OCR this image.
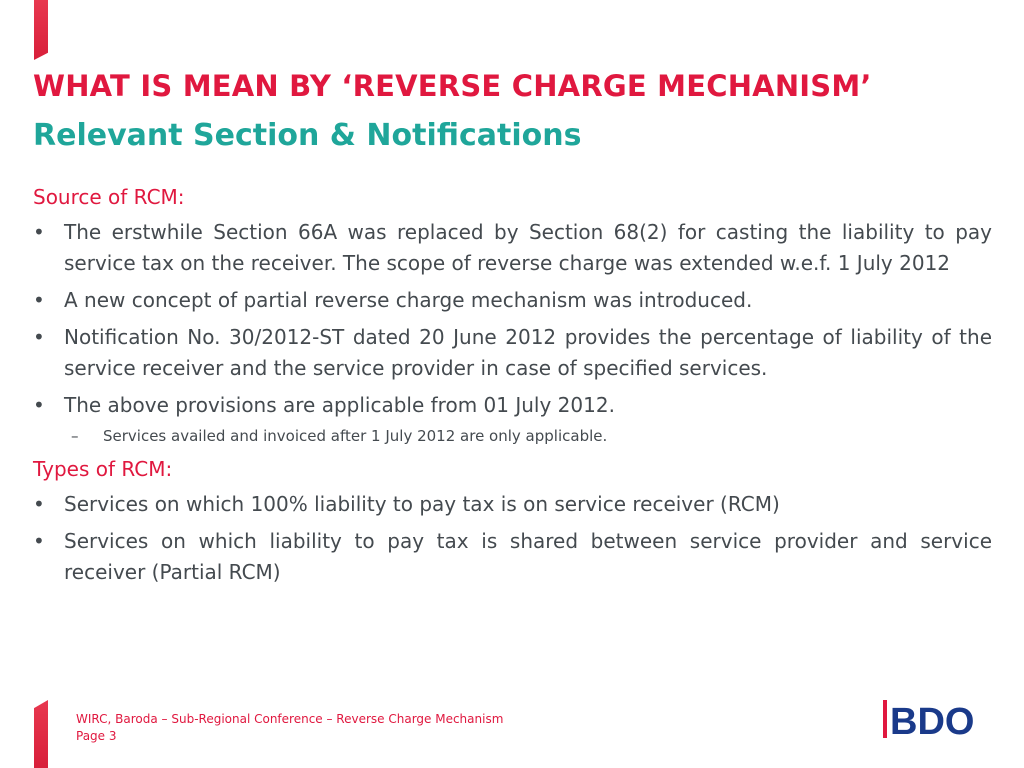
WHAT IS MEAN BY ‘REVERSE CHARGE MECHANISM’
Relevant Section & Notifications
Source of RCM:
• The erstwhile Section 66A was replaced by Section 68(2) for casting the liability to pay service tax on the receiver. The scope of reverse charge was extended w.e.f. 1 July 2012
• A new concept of partial reverse charge mechanism was introduced.
• Notification No. 30/2012-ST dated 20 June 2012 provides the percentage of liability of the service receiver and the service provider in case of specified services.
• The above provisions are applicable from 01 July 2012.
– Services availed and invoiced after 1 July 2012 are only applicable.
Types of RCM:
• Services on which 100% liability to pay tax is on service receiver (RCM)
• Services on which liability to pay tax is shared between service provider and service receiver (Partial RCM)
WIRC, Baroda – Sub-Regional Conference – Reverse Charge Mechanism
Page 3	BDO
